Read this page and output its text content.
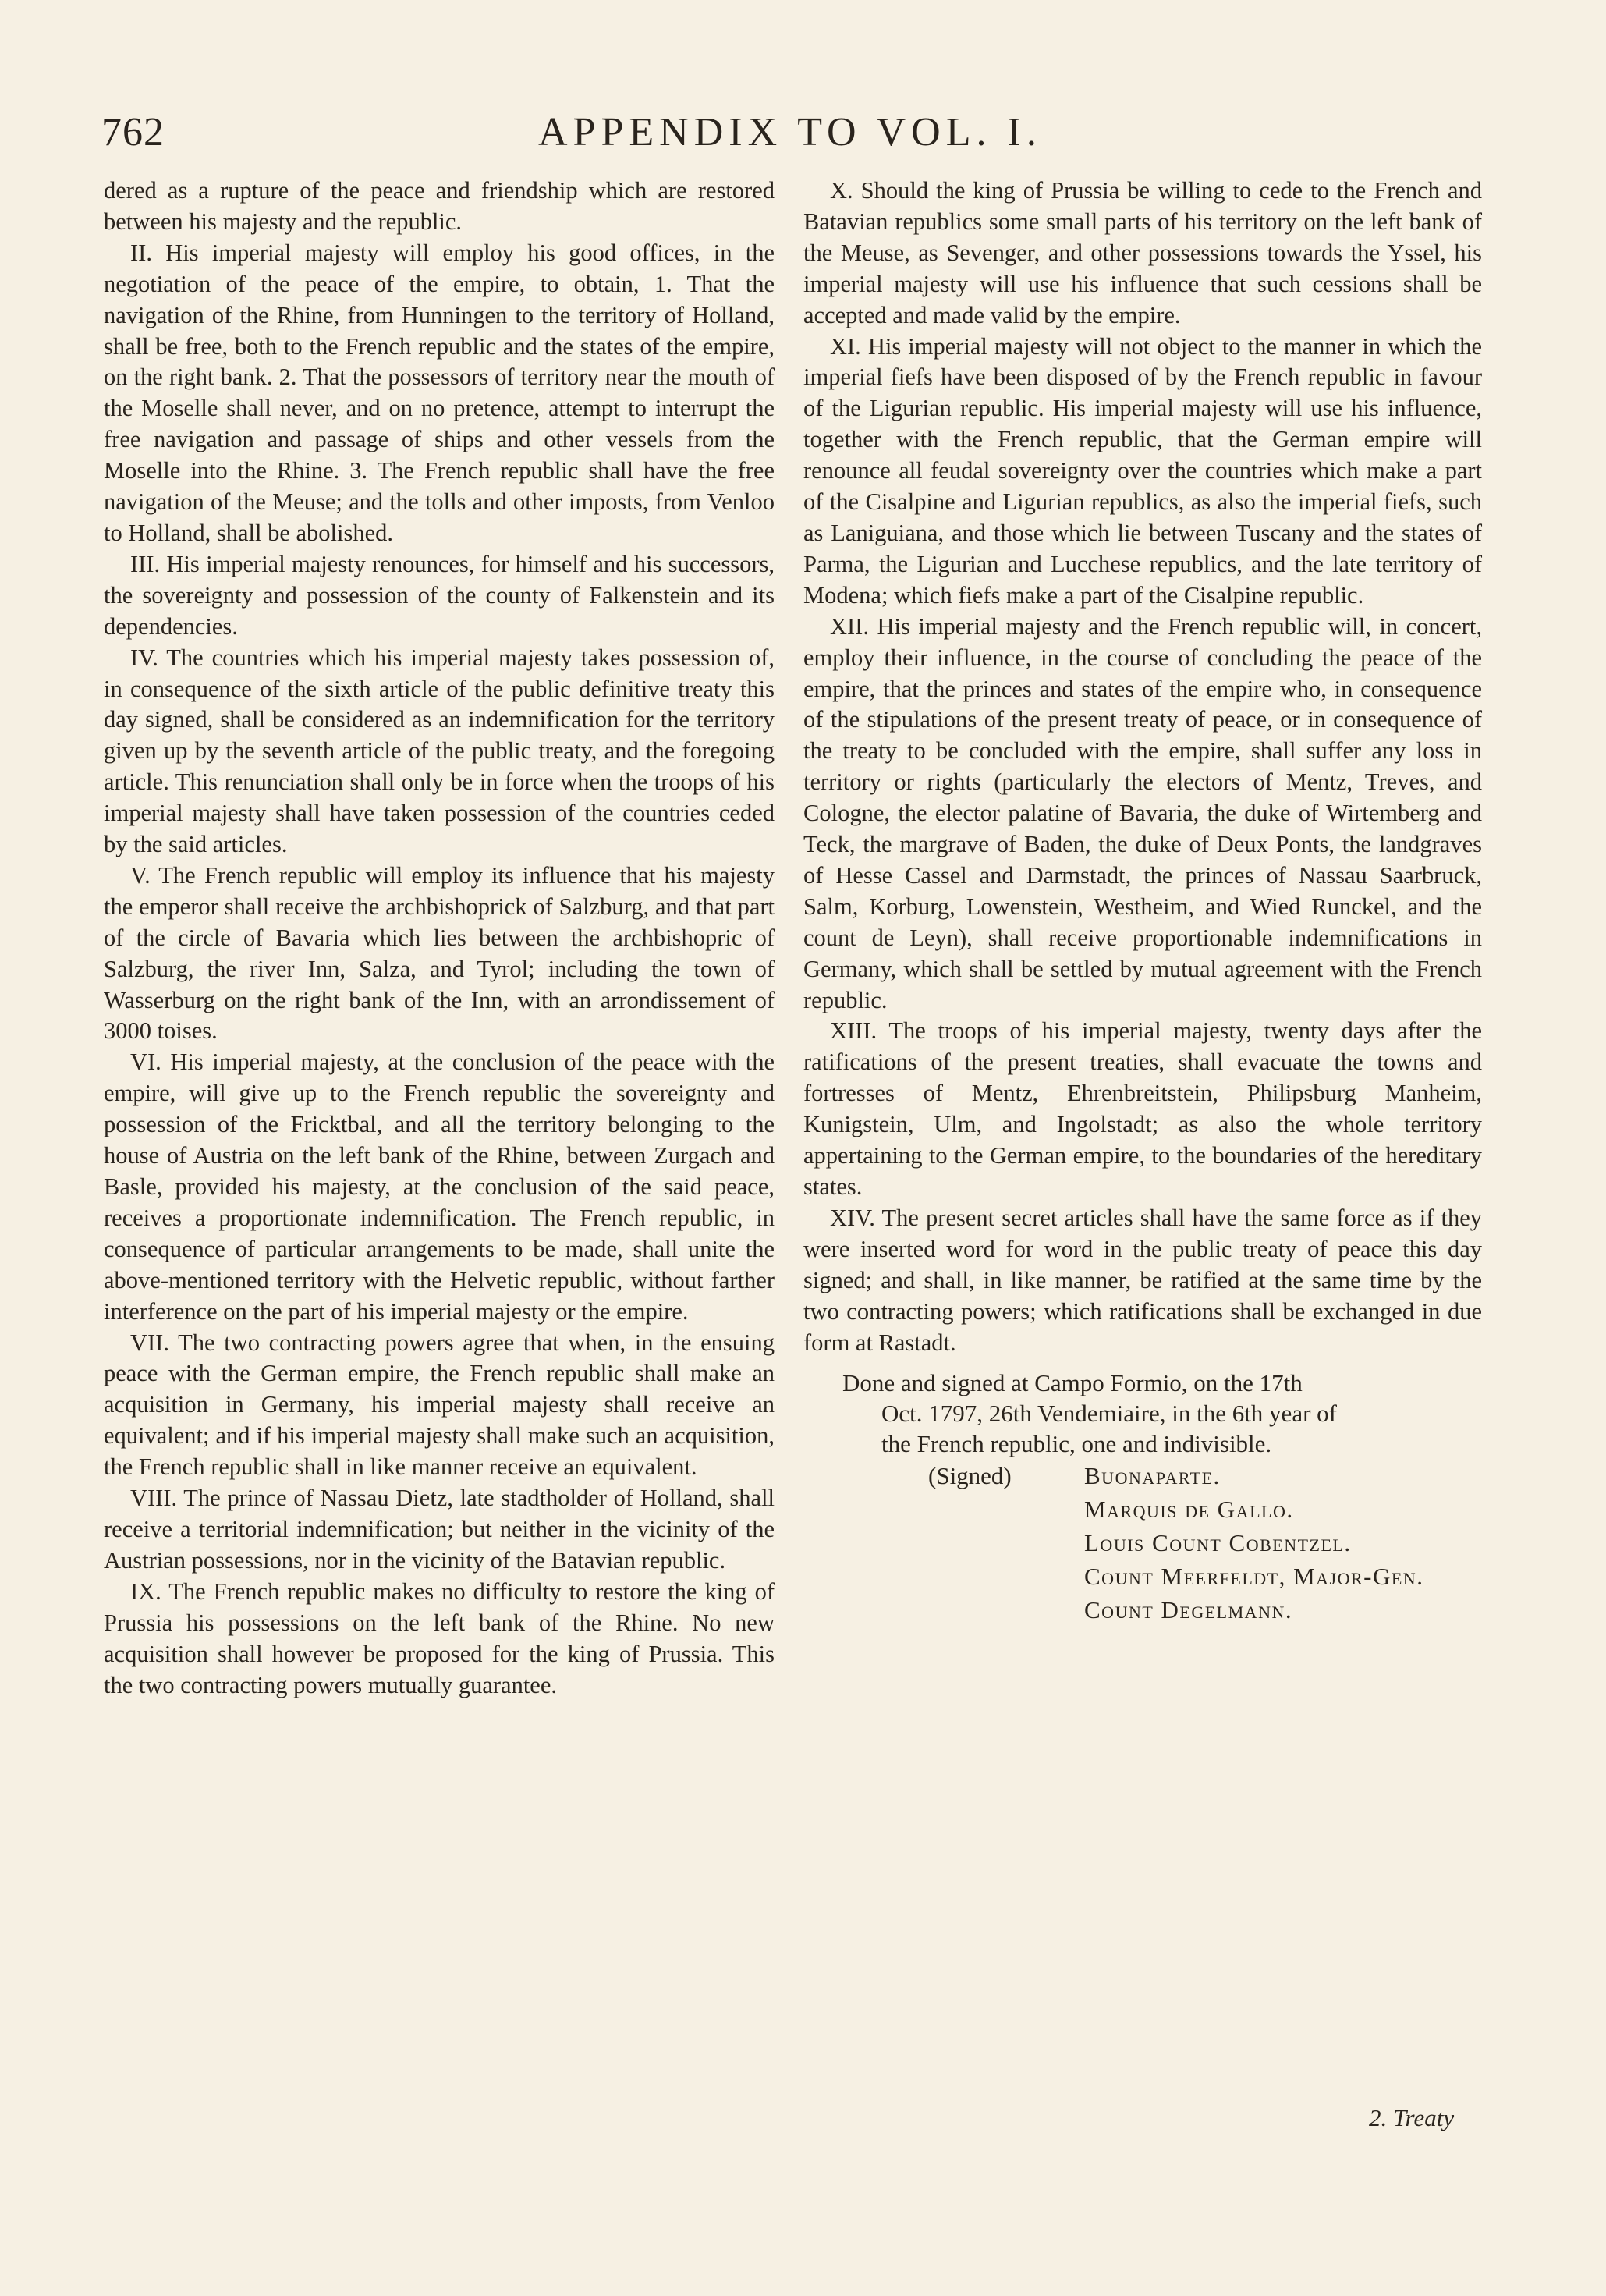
762	APPENDIX TO VOL. I.

dered as a rupture of the peace and friendship which are restored between his majesty and the republic.

II. His imperial majesty will employ his good offices, in the negotiation of the peace of the empire, to obtain, 1. That the navigation of the Rhine, from Hunningen to the territory of Holland, shall be free, both to the French republic and the states of the empire, on the right bank. 2. That the possessors of territory near the mouth of the Moselle shall never, and on no pretence, attempt to interrupt the free navigation and passage of ships and other vessels from the Moselle into the Rhine. 3. The French republic shall have the free navigation of the Meuse; and the tolls and other imposts, from Venloo to Holland, shall be abolished.

III. His imperial majesty renounces, for himself and his successors, the sovereignty and possession of the county of Falkenstein and its dependencies.

IV. The countries which his imperial majesty takes possession of, in consequence of the sixth article of the public definitive treaty this day signed, shall be considered as an indemnification for the territory given up by the seventh article of the public treaty, and the foregoing article. This renunciation shall only be in force when the troops of his imperial majesty shall have taken possession of the countries ceded by the said articles.

V. The French republic will employ its influence that his majesty the emperor shall receive the archbishoprick of Salzburg, and that part of the circle of Bavaria which lies between the archbishopric of Salzburg, the river Inn, Salza, and Tyrol; including the town of Wasserburg on the right bank of the Inn, with an arrondissement of 3000 toises.

VI. His imperial majesty, at the conclusion of the peace with the empire, will give up to the French republic the sovereignty and possession of the Fricktbal, and all the territory belonging to the house of Austria on the left bank of the Rhine, between Zurgach and Basle, provided his majesty, at the conclusion of the said peace, receives a proportionate indemnification. The French republic, in consequence of particular arrangements to be made, shall unite the above-mentioned territory with the Helvetic republic, without farther interference on the part of his imperial majesty or the empire.

VII. The two contracting powers agree that when, in the ensuing peace with the German empire, the French republic shall make an acquisition in Germany, his imperial majesty shall receive an equivalent; and if his imperial majesty shall make such an acquisition, the French republic shall in like manner receive an equivalent.

VIII. The prince of Nassau Dietz, late stadtholder of Holland, shall receive a territorial indemnification; but neither in the vicinity of the Austrian possessions, nor in the vicinity of the Batavian republic.

IX. The French republic makes no difficulty to restore the king of Prussia his possessions on the left bank of the Rhine. No new acquisition shall however be proposed for the king of Prussia. This the two contracting powers mutually guarantee.

X. Should the king of Prussia be willing to cede to the French and Batavian republics some small parts of his territory on the left bank of the Meuse, as Sevenger, and other possessions towards the Yssel, his imperial majesty will use his influence that such cessions shall be accepted and made valid by the empire.

XI. His imperial majesty will not object to the manner in which the imperial fiefs have been disposed of by the French republic in favour of the Ligurian republic. His imperial majesty will use his influence, together with the French republic, that the German empire will renounce all feudal sovereignty over the countries which make a part of the Cisalpine and Ligurian republics, as also the imperial fiefs, such as Laniguiana, and those which lie between Tuscany and the states of Parma, the Ligurian and Lucchese republics, and the late territory of Modena; which fiefs make a part of the Cisalpine republic.

XII. His imperial majesty and the French republic will, in concert, employ their influence, in the course of concluding the peace of the empire, that the princes and states of the empire who, in consequence of the stipulations of the present treaty of peace, or in consequence of the treaty to be concluded with the empire, shall suffer any loss in territory or rights (particularly the electors of Mentz, Treves, and Cologne, the elector palatine of Bavaria, the duke of Wirtemberg and Teck, the margrave of Baden, the duke of Deux Ponts, the landgraves of Hesse Cassel and Darmstadt, the princes of Nassau Saarbruck, Salm, Korburg, Lowenstein, Westheim, and Wied Runckel, and the count de Leyn), shall receive proportionable indemnifications in Germany, which shall be settled by mutual agreement with the French republic.

XIII. The troops of his imperial majesty, twenty days after the ratifications of the present treaties, shall evacuate the towns and fortresses of Mentz, Ehrenbreitstein, Philipsburg Manheim, Kunigstein, Ulm, and Ingolstadt; as also the whole territory appertaining to the German empire, to the boundaries of the hereditary states.

XIV. The present secret articles shall have the same force as if they were inserted word for word in the public treaty of peace this day signed; and shall, in like manner, be ratified at the same time by the two contracting powers; which ratifications shall be exchanged in due form at Rastadt.

Done and signed at Campo Formio, on the 17th

Oct. 1797, 26th Vendemiaire, in the 6th year of

the French republic, one and indivisible.

(Signed)	Buonaparte.

Marquis de Gallo.

Louis Count Cobentzel.

Count Meerfeldt, Major-Gen.

Count Degelmann.

2. Treaty
